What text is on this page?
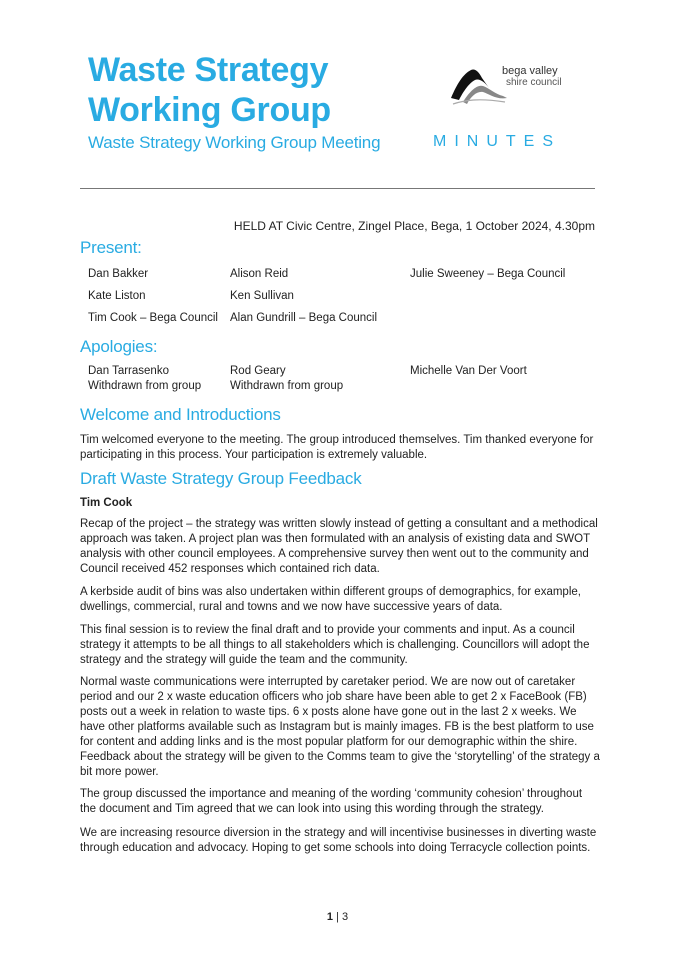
Waste Strategy
Working Group
Waste Strategy Working Group Meeting	MINUTES
bega valley
shire council
HELD AT Civic Centre, Zingel Place, Bega, 1 October 2024, 4.30pm
Present:
Dan Bakker
Kate Liston
Tim Cook – Bega Council
Alison Reid
Ken Sullivan
Alan Gundrill – Bega Council
Julie Sweeney – Bega Council
Apologies:
Dan Tarrasenko
Withdrawn from group
Rod Geary
Withdrawn from group
Michelle Van Der Voort
Welcome and Introductions
Tim welcomed everyone to the meeting. The group introduced themselves. Tim thanked everyone for participating in this process. Your participation is extremely valuable.
Draft Waste Strategy Group Feedback
Tim Cook
Recap of the project – the strategy was written slowly instead of getting a consultant and a methodical approach was taken. A project plan was then formulated with an analysis of existing data and SWOT analysis with other council employees. A comprehensive survey then went out to the community and Council received 452 responses which contained rich data.
A kerbside audit of bins was also undertaken within different groups of demographics, for example, dwellings, commercial, rural and towns and we now have successive years of data.
This final session is to review the final draft and to provide your comments and input. As a council strategy it attempts to be all things to all stakeholders which is challenging. Councillors will adopt the strategy and the strategy will guide the team and the community.
Normal waste communications were interrupted by caretaker period. We are now out of caretaker period and our 2 x waste education officers who job share have been able to get 2 x FaceBook (FB) posts out a week in relation to waste tips. 6 x posts alone have gone out in the last 2 x weeks. We have other platforms available such as Instagram but is mainly images. FB is the best platform to use for content and adding links and is the most popular platform for our demographic within the shire. Feedback about the strategy will be given to the Comms team to give the ‘storytelling’ of the strategy a bit more power.
The group discussed the importance and meaning of the wording ‘community cohesion’ throughout the document and Tim agreed that we can look into using this wording through the strategy.
We are increasing resource diversion in the strategy and will incentivise businesses in diverting waste through education and advocacy. Hoping to get some schools into doing Terracycle collection points.
1 | 3
